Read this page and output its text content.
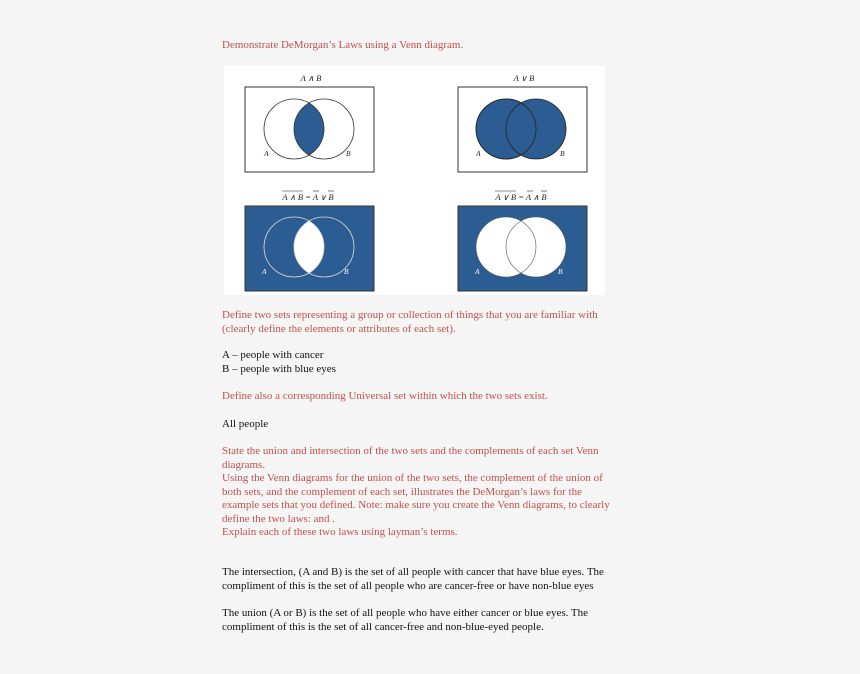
Demonstrate DeMorgan’s Laws using a Venn diagram.

A ∧ B
A	B
A ∨ B
A	B
A ∧ B = A ∨ B
A	B
A ∨ B = A ∧ B
A	B

Define two sets representing a group or collection of things that you are familiar with

(clearly define the elements or attributes of each set).

A – people with cancer

B – people with blue eyes

Define also a corresponding Universal set within which the two sets exist.

All people

State the union and intersection of the two sets and the complements of each set Venn

diagrams.

Using the Venn diagrams for the union of the two sets, the complement of the union of

both sets, and the complement of each set, illustrates the DeMorgan’s laws for the

example sets that you defined. Note: make sure you create the Venn diagrams, to clearly

define the two laws: and .

Explain each of these two laws using layman’s terms.

The intersection, (A and B) is the set of all people with cancer that have blue eyes. The

compliment of this is the set of all people who are cancer-free or have non-blue eyes

The union (A or B) is the set of all people who have either cancer or blue eyes. The

compliment of this is the set of all cancer-free and non-blue-eyed people.
